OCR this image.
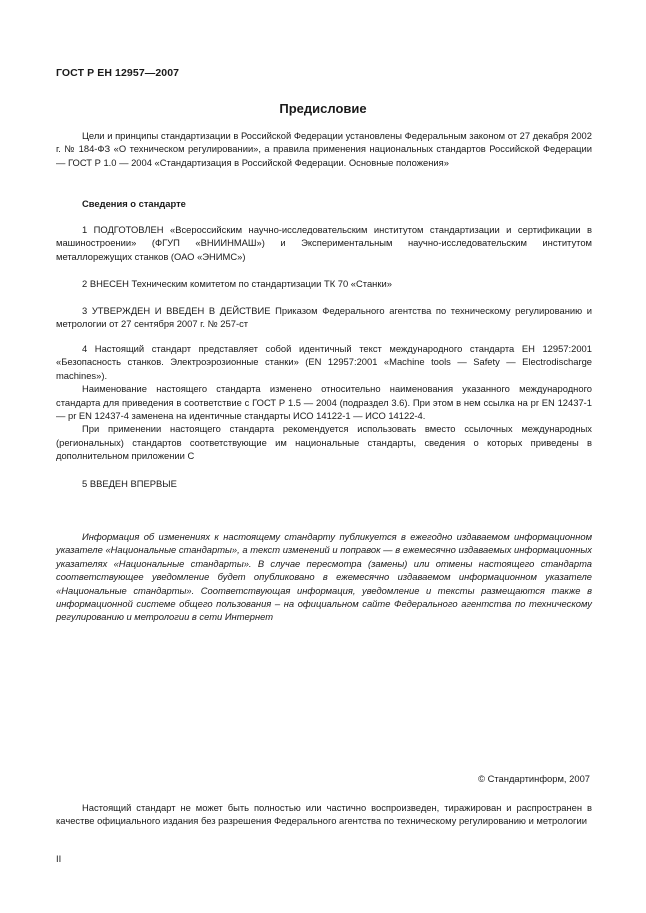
ГОСТ Р ЕН 12957—2007
Предисловие

Цели и принципы стандартизации в Российской Федерации установлены Федеральным законом от 27 декабря 2002 г. № 184-ФЗ «О техническом регулировании», а правила применения национальных стандартов Российской Федерации — ГОСТ Р 1.0 — 2004 «Стандартизация в Российской Федерации. Основные положения»

Сведения о стандарте

1 ПОДГОТОВЛЕН «Всероссийским научно-исследовательским институтом стандартизации и сертификации в машиностроении» (ФГУП «ВНИИНМАШ») и Экспериментальным научно-исследовательским институтом металлорежущих станков (ОАО «ЭНИМС»)

2 ВНЕСЕН Техническим комитетом по стандартизации ТК 70 «Станки»

3 УТВЕРЖДЕН И ВВЕДЕН В ДЕЙСТВИЕ Приказом Федерального агентства по техническому регулированию и метрологии от 27 сентября 2007 г. № 257-ст

4 Настоящий стандарт представляет собой идентичный текст международного стандарта ЕН 12957:2001 «Безопасность станков. Электроэрозионные станки» (EN 12957:2001 «Machine tools — Safety — Electrodischarge machines»).

Наименование настоящего стандарта изменено относительно наименования указанного международного стандарта для приведения в соответствие с ГОСТ Р 1.5 — 2004 (подраздел 3.6). При этом в нем ссылка на pr EN 12437-1 — pr EN 12437-4 заменена на идентичные стандарты ИСО 14122-1 — ИСО 14122-4.

При применении настоящего стандарта рекомендуется использовать вместо ссылочных международных (региональных) стандартов соответствующие им национальные стандарты, сведения о которых приведены в дополнительном приложении С

5 ВВЕДЕН ВПЕРВЫЕ

Информация об изменениях к настоящему стандарту публикуется в ежегодно издаваемом информационном указателе «Национальные стандарты», а текст изменений и поправок — в ежемесячно издаваемых информационных указателях «Национальные стандарты». В случае пересмотра (замены) или отмены настоящего стандарта соответствующее уведомление будет опубликовано в ежемесячно издаваемом информационном указателе «Национальные стандарты». Соответствующая информация, уведомление и тексты размещаются также в информационной системе общего пользования – на официальном сайте Федерального агентства по техническому регулированию и метрологии в сети Интернет

© Стандартинформ, 2007

Настоящий стандарт не может быть полностью или частично воспроизведен, тиражирован и распространен в качестве официального издания без разрешения Федерального агентства по техническому регулированию и метрологии

II
